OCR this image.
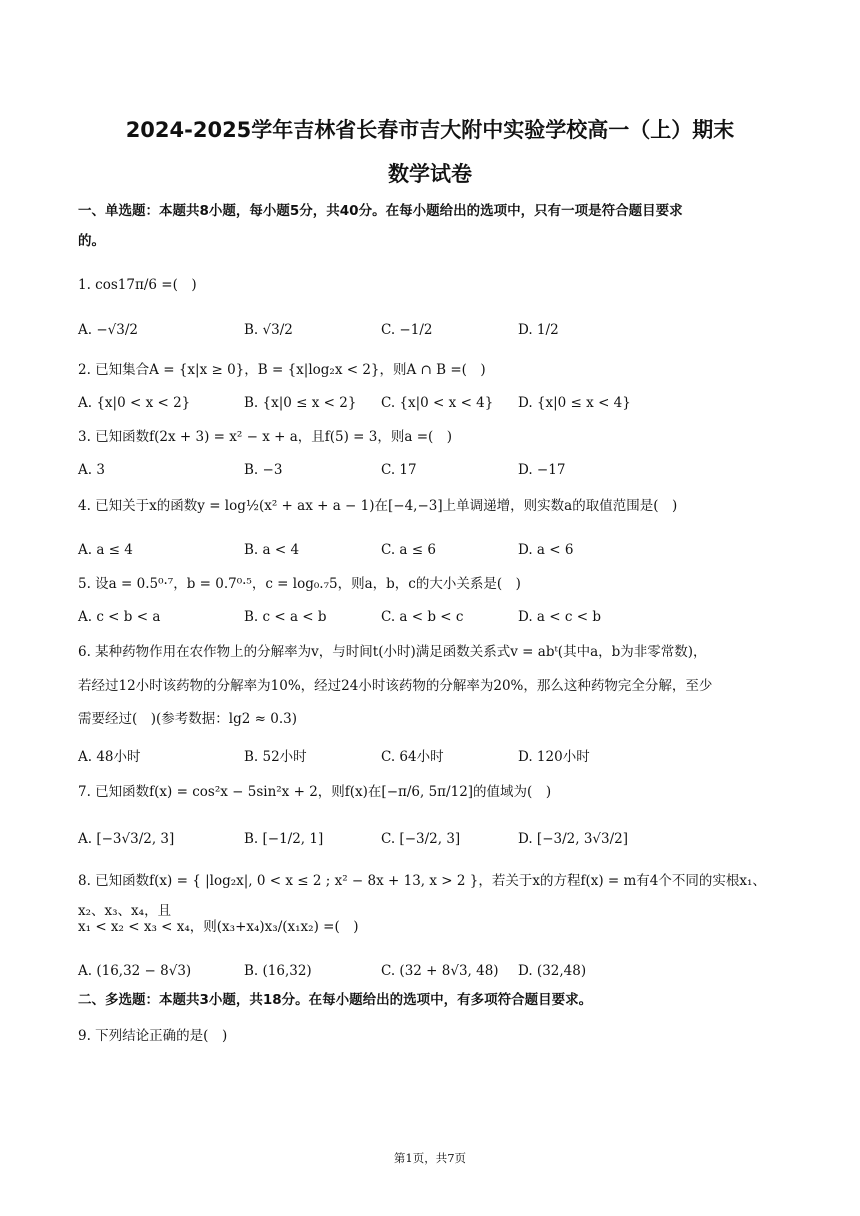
2024-2025学年吉林省长春市吉大附中实验学校高一（上）期末
数学试卷
一、单选题：本题共8小题，每小题5分，共40分。在每小题给出的选项中，只有一项是符合题目要求
的。
1. cos17π/6 =(　)
A. −√3/2	B. √3/2	C. −1/2	D. 1/2
2. 已知集合A = {x|x ≥ 0}，B = {x|log₂x < 2}，则A ∩ B =(　)
A. {x|0 < x < 2}	B. {x|0 ≤ x < 2} C. {x|0 < x < 4} D. {x|0 ≤ x < 4}
3. 已知函数f(2x + 3) = x² − x + a，且f(5) = 3，则a =(　)
A. 3	B. −3	C. 17	D. −17
4. 已知关于x的函数y = log½(x² + ax + a − 1)在[−4,−3]上单调递增，则实数a的取值范围是(　)
A. a ≤ 4	B. a < 4	C. a ≤ 6	D. a < 6
5. 设a = 0.5⁰·⁷，b = 0.7⁰·⁵，c = log₀.₇5，则a，b，c的大小关系是(　)
A. c < b < a	B. c < a < b	C. a < b < c	D. a < c < b
6. 某种药物作用在农作物上的分解率为v，与时间t(小时)满足函数关系式v = abᵗ(其中a，b为非零常数)，
若经过12小时该药物的分解率为10%，经过24小时该药物的分解率为20%，那么这种药物完全分解，至少
需要经过(　)(参考数据：lg2 ≈ 0.3)
A. 48小时	B. 52小时	C. 64小时	D. 120小时
7. 已知函数f(x) = cos²x − 5sin²x + 2，则f(x)在[−π/6, 5π/12]的值域为(　)
A. [−3√3/2, 3]	B. [−1/2, 1]	C. [−3/2, 3]	D. [−3/2, 3√3/2]
8. 已知函数f(x) = { |log₂x|, 0 < x ≤ 2 ; x² − 8x + 13, x > 2 }，若关于x的方程f(x) = m有4个不同的实根x₁、x₂、x₃、x₄，且
x₁ < x₂ < x₃ < x₄，则(x₃+x₄)x₃/(x₁x₂) =(　)
A. (16,32 − 8√3)	B. (16,32)	C. (32 + 8√3, 48) D. (32,48)
二、多选题：本题共3小题，共18分。在每小题给出的选项中，有多项符合题目要求。
9. 下列结论正确的是(　)
第1页，共7页
